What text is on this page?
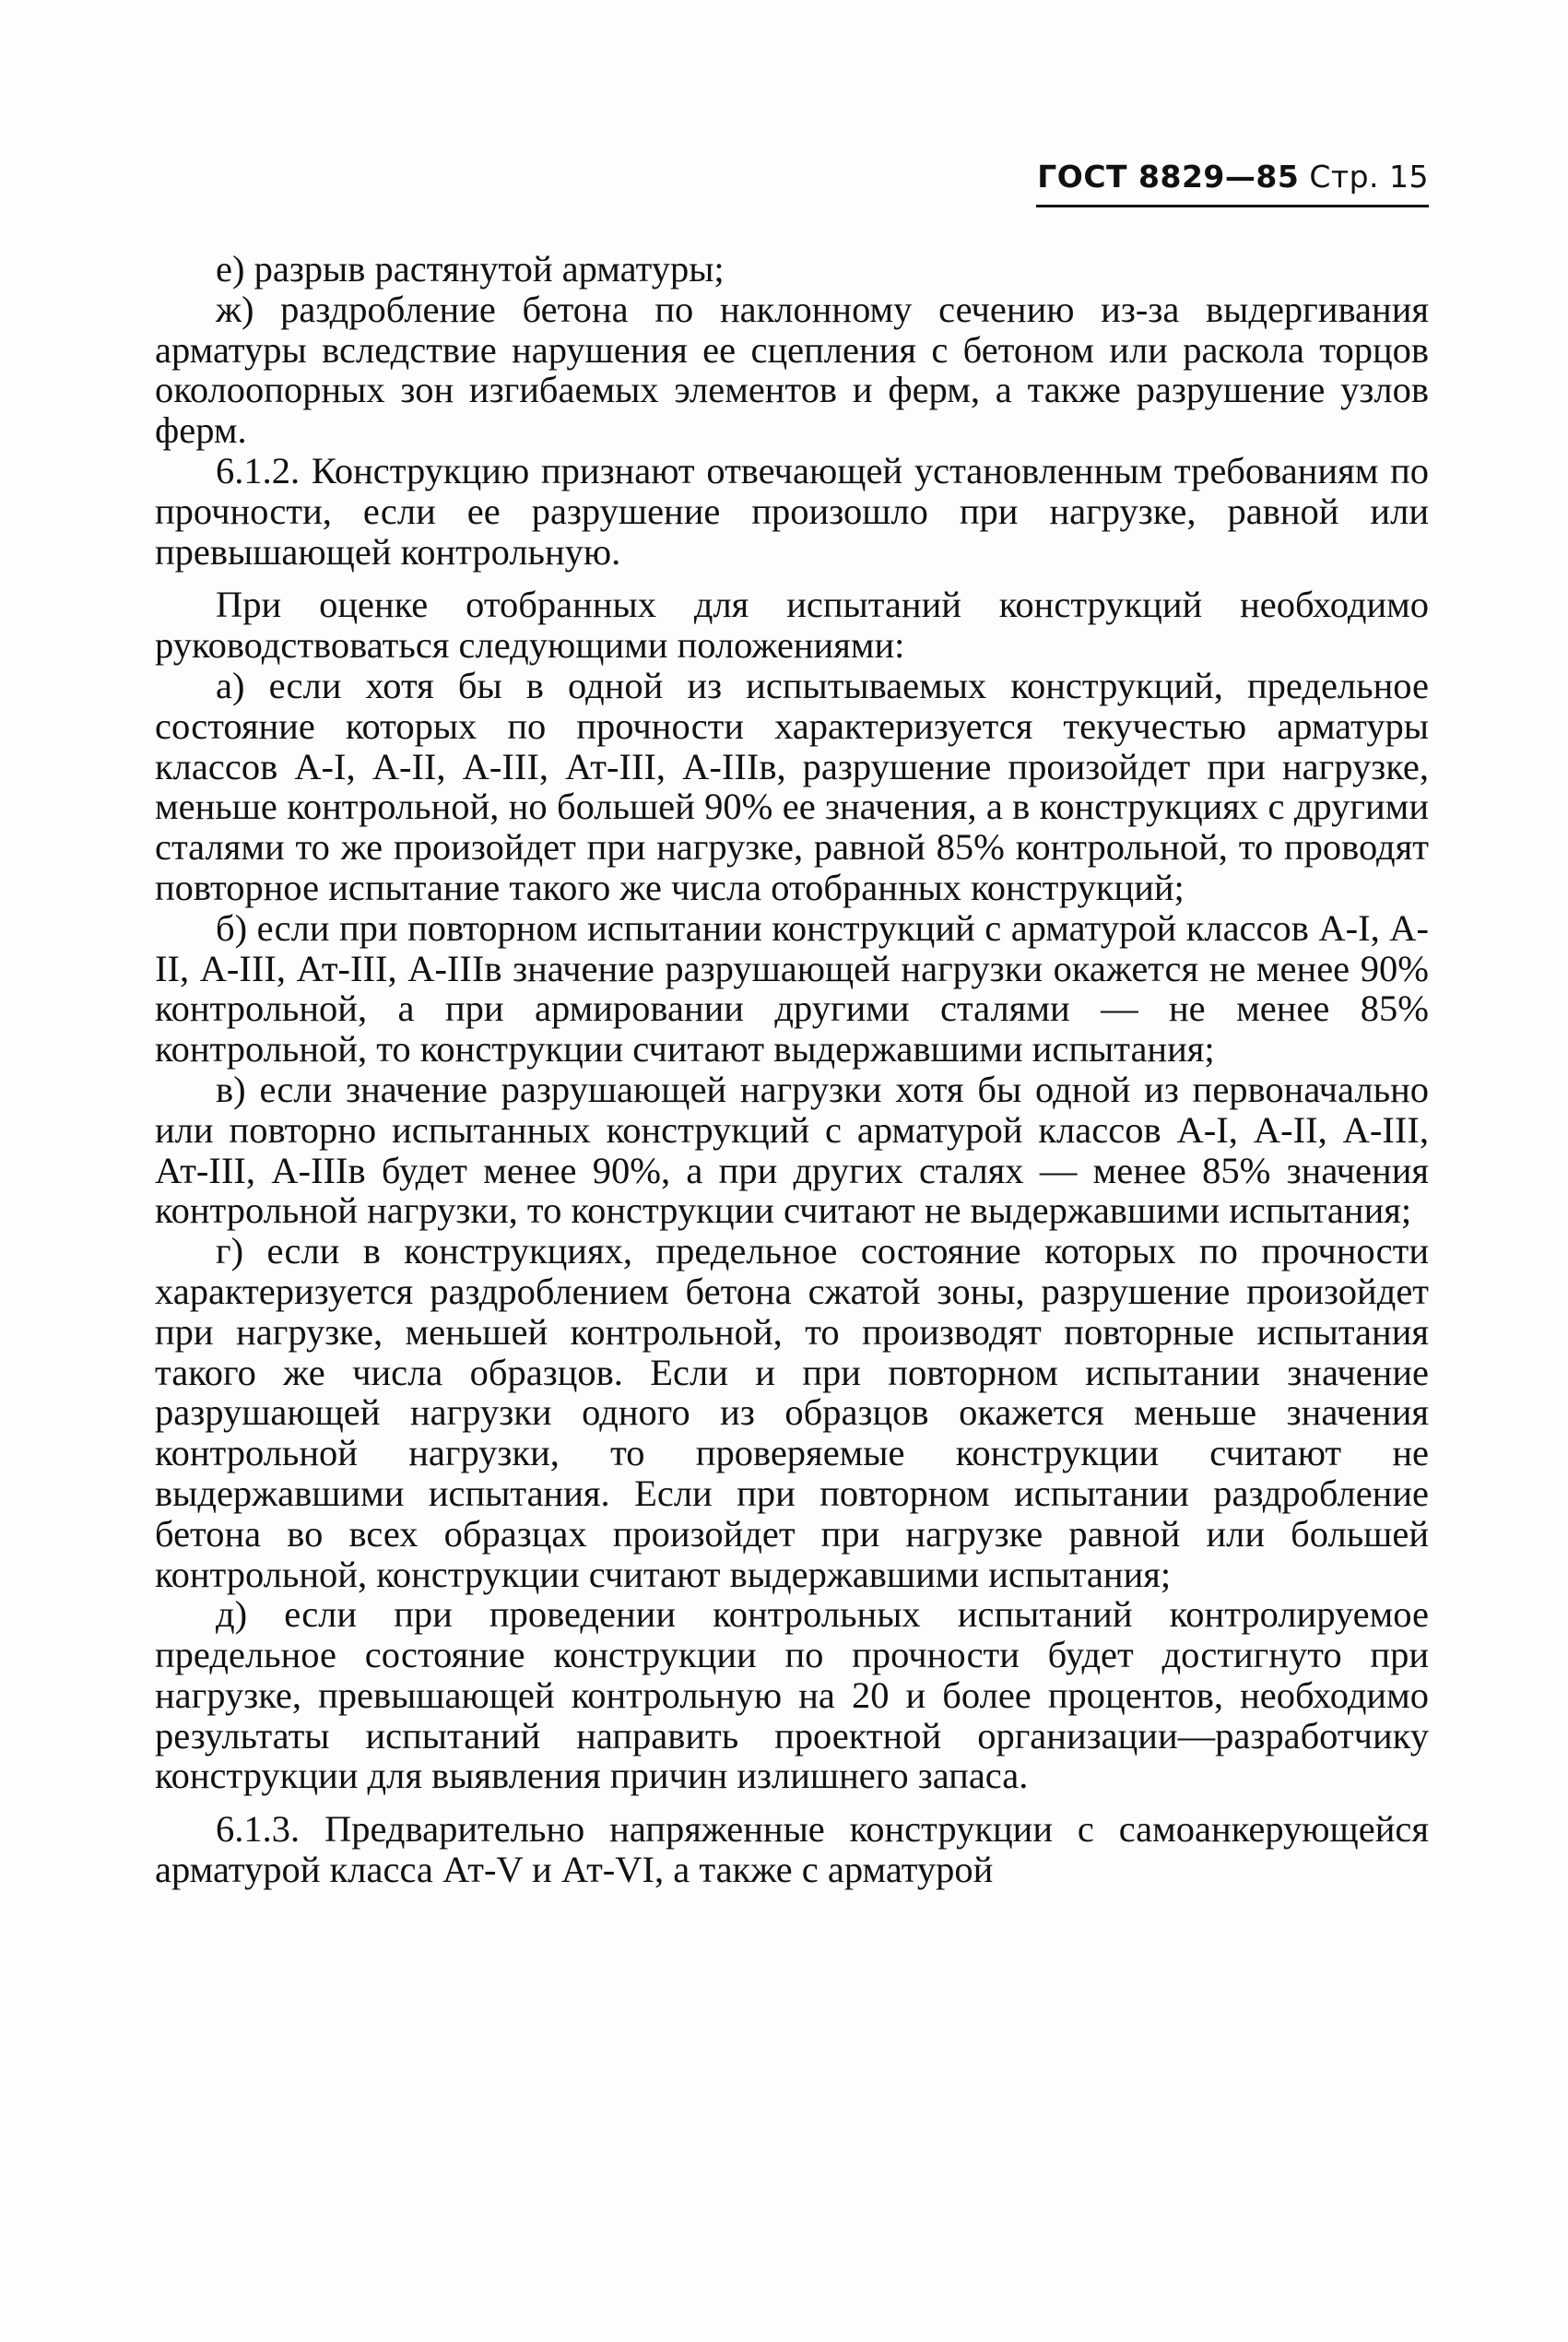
ГОСТ 8829—85 Стр. 15

е) разрыв растянутой арматуры;

ж) раздробление бетона по наклонному сечению из-за выдергивания арматуры вследствие нарушения ее сцепления с бетоном или раскола торцов околоопорных зон изгибаемых элементов и ферм, а также разрушение узлов ферм.

6.1.2. Конструкцию признают отвечающей установленным требованиям по прочности, если ее разрушение произошло при нагрузке, равной или превышающей контрольную.

При оценке отобранных для испытаний конструкций необходимо руководствоваться следующими положениями:

а) если хотя бы в одной из испытываемых конструкций, предельное состояние которых по прочности характеризуется текучестью арматуры классов А-I, А-II, А-III, Ат-III, А-IIIв, разрушение произойдет при нагрузке, меньше контрольной, но большей 90% ее значения, а в конструкциях с другими сталями то же произойдет при нагрузке, равной 85% контрольной, то проводят повторное испытание такого же числа отобранных конструкций;

б) если при повторном испытании конструкций с арматурой классов А-I, А-II, А-III, Ат-III, А-IIIв значение разрушающей нагрузки окажется не менее 90% контрольной, а при армировании другими сталями — не менее 85% контрольной, то конструкции считают выдержавшими испытания;

в) если значение разрушающей нагрузки хотя бы одной из первоначально или повторно испытанных конструкций с арматурой классов А-I, А-II, А-III, Ат-III, А-IIIв будет менее 90%, а при других сталях — менее 85% значения контрольной нагрузки, то конструкции считают не выдержавшими испытания;

г) если в конструкциях, предельное состояние которых по прочности характеризуется раздроблением бетона сжатой зоны, разрушение произойдет при нагрузке, меньшей контрольной, то производят повторные испытания такого же числа образцов. Если и при повторном испытании значение разрушающей нагрузки одного из образцов окажется меньше значения контрольной нагрузки, то проверяемые конструкции считают не выдержавшими испытания. Если при повторном испытании раздробление бетона во всех образцах произойдет при нагрузке равной или большей контрольной, конструкции считают выдержавшими испытания;

д) если при проведении контрольных испытаний контролируемое предельное состояние конструкции по прочности будет достигнуто при нагрузке, превышающей контрольную на 20 и более процентов, необходимо результаты испытаний направить проектной организации—разработчику конструкции для выявления причин излишнего запаса.

6.1.3. Предварительно напряженные конструкции с самоанкерующейся арматурой класса Ат-V и Ат-VI, а также с арматурой
